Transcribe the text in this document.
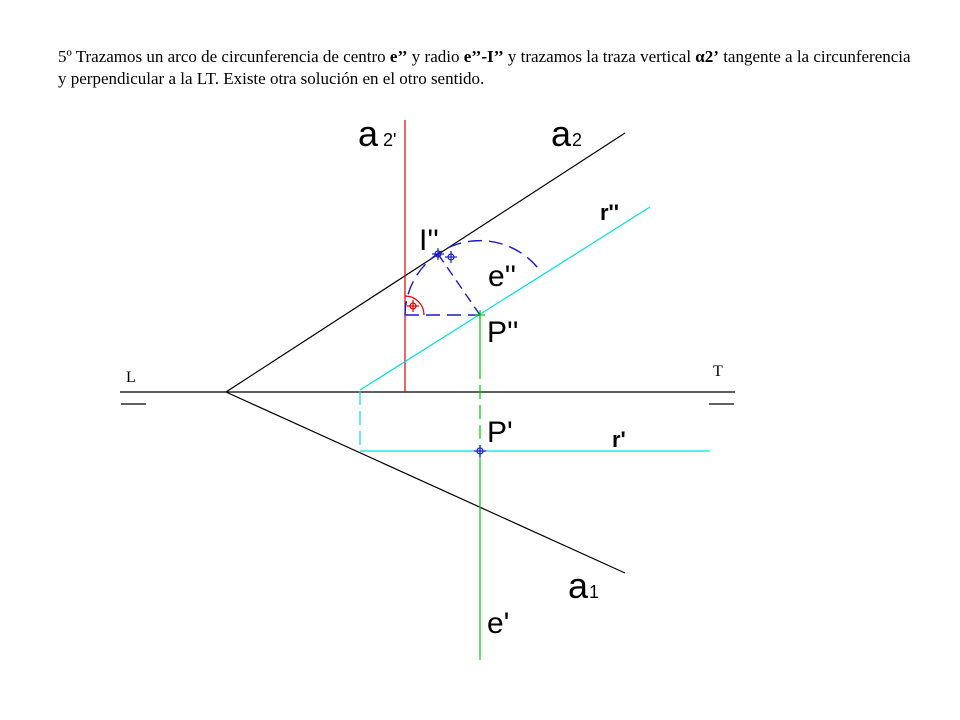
5º Trazamos un arco de circunferencia de centro e’’ y radio e’’-I’’ y trazamos la traza vertical α2’ tangente a la circunferencia y perpendicular a la LT. Existe otra solución en el otro sentido.
a 2'	a 2
a 1
r''
r'
I''
e''
P''
P'
e'
L	T
